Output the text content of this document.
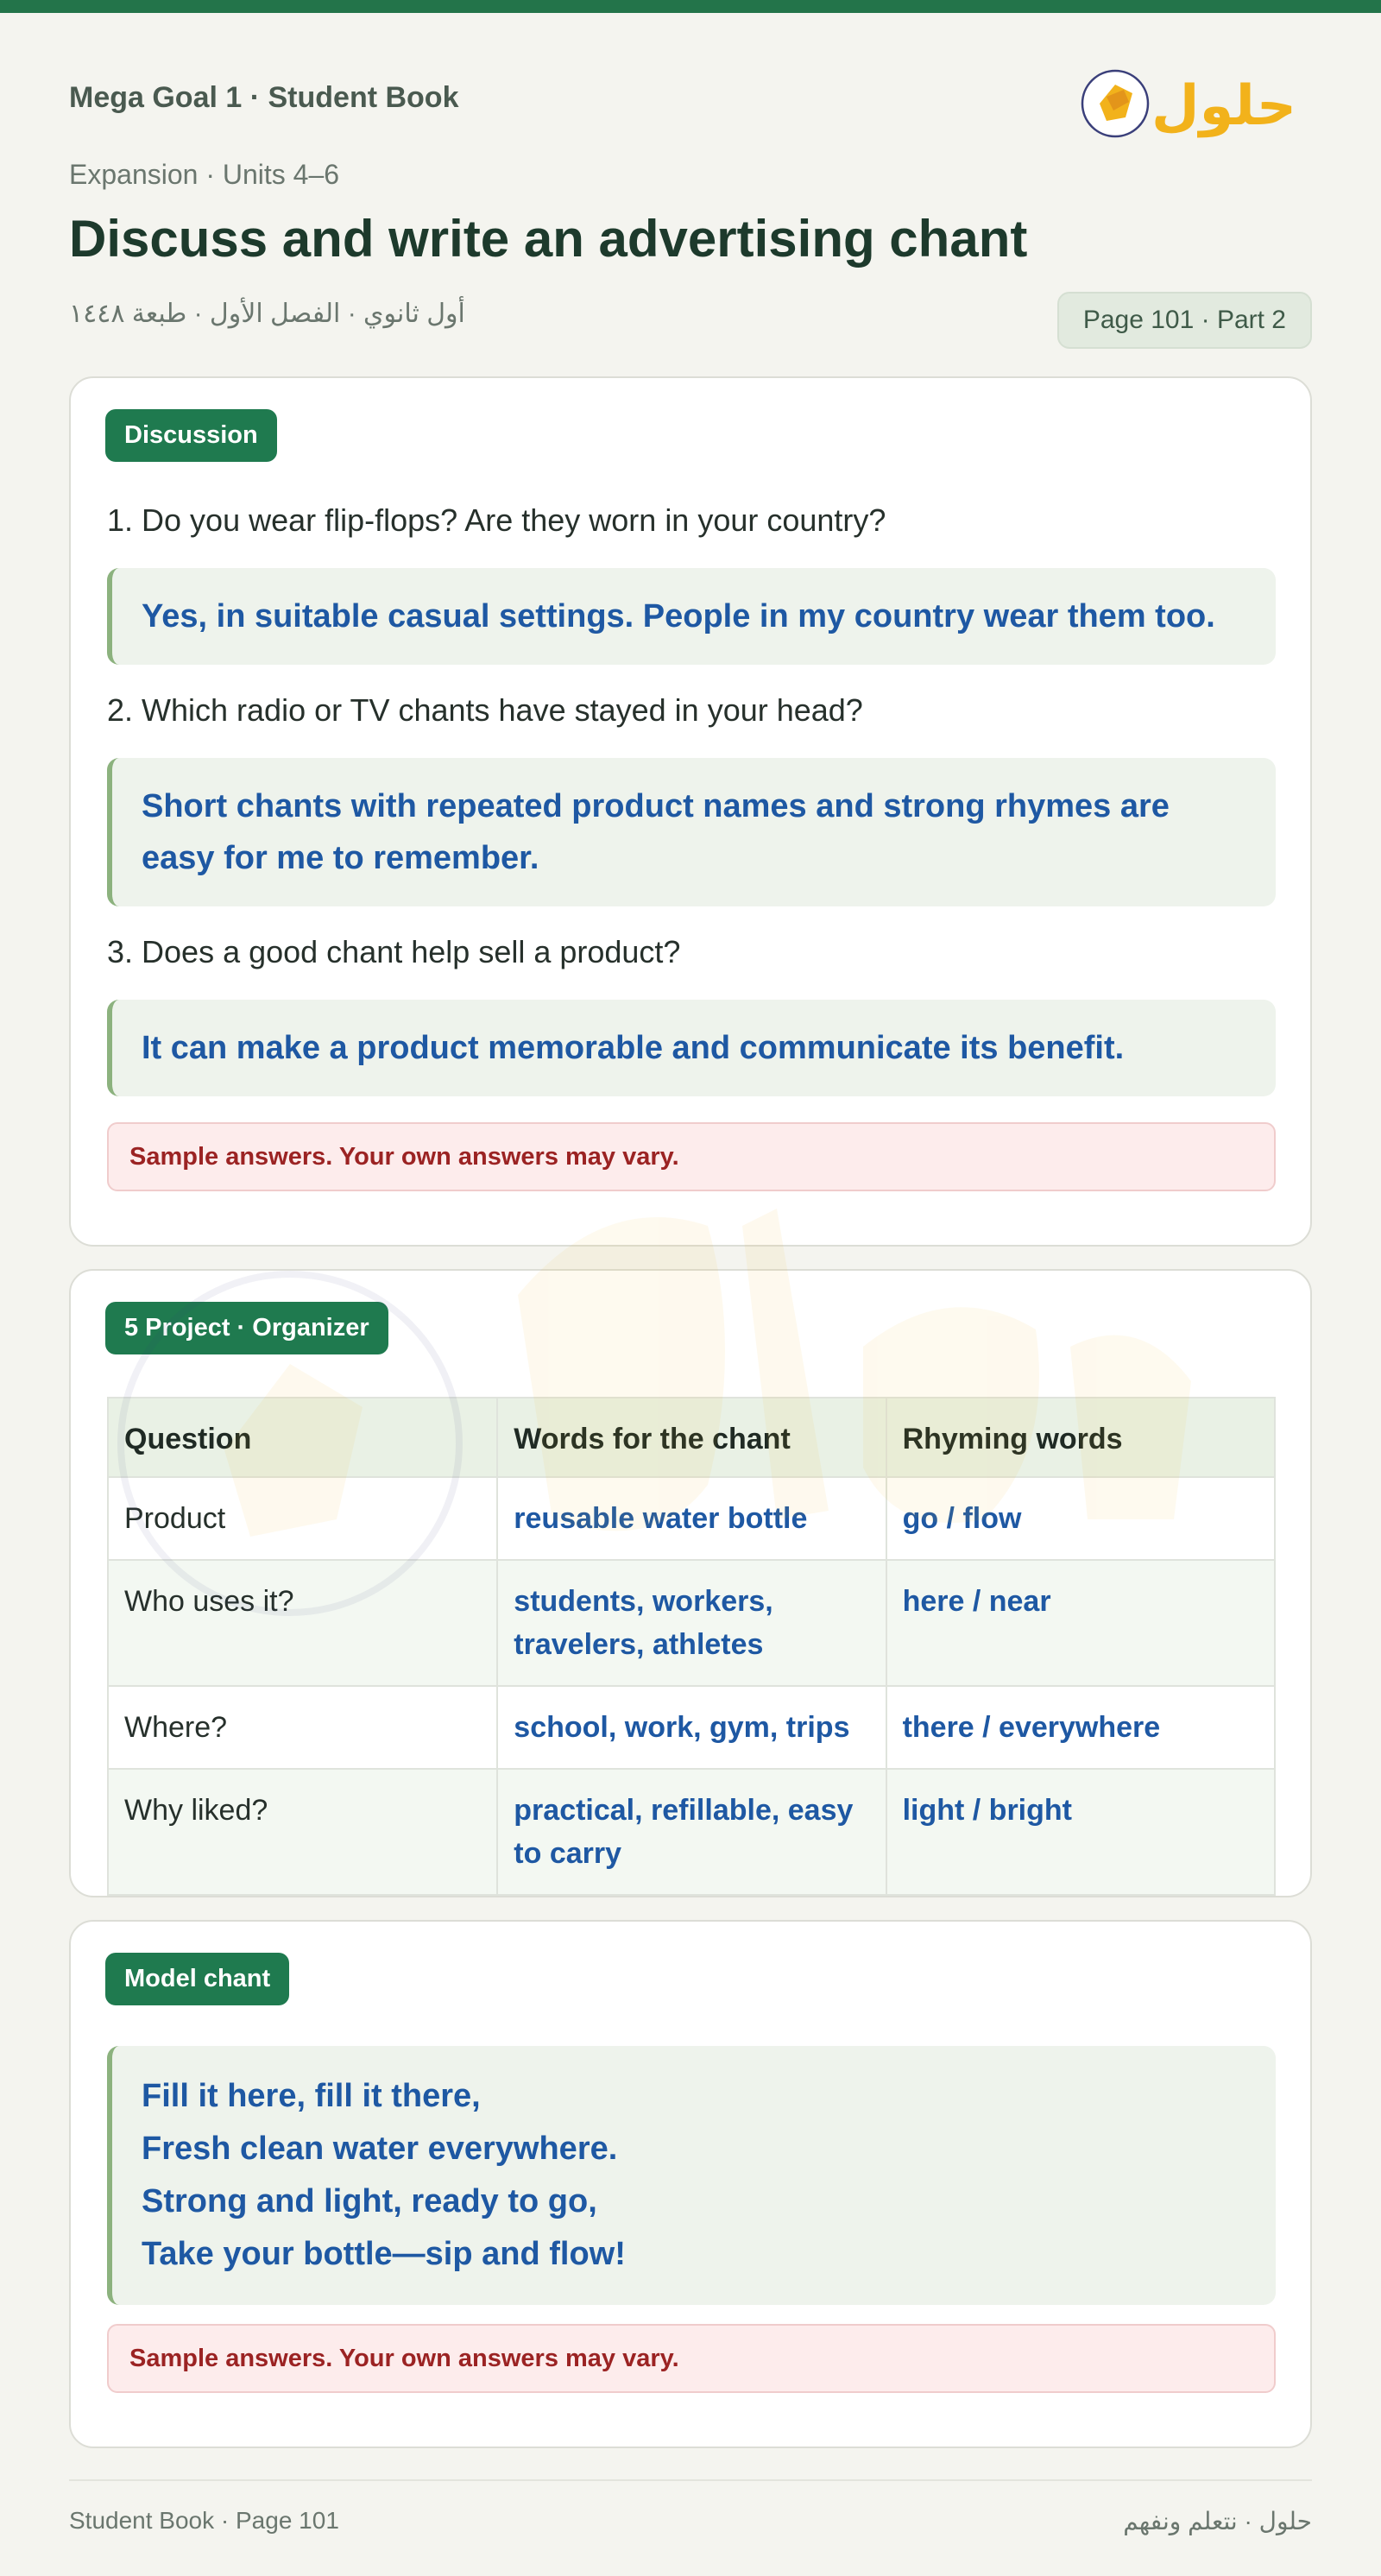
Mega Goal 1 · Student Book	حلول
Expansion · Units 4–6
Discuss and write an advertising chant
أول ثانوي · الفصل الأول · طبعة ١٤٤٨	Page 101 · Part 2
Discussion
1. Do you wear flip-flops? Are they worn in your country?
Yes, in suitable casual settings. People in my country wear them too.
2. Which radio or TV chants have stayed in your head?
Short chants with repeated product names and strong rhymes are easy for me to remember.
3. Does a good chant help sell a product?
It can make a product memorable and communicate its benefit.
Sample answers. Your own answers may vary.
5 Project · Organizer
Question	Words for the chant	Rhyming words
Product	reusable water bottle	go / flow
Who uses it?	students, workers, travelers, athletes	here / near
Where?	school, work, gym, trips	there / everywhere
Why liked?	practical, refillable, easy to carry	light / bright
Model chant
Fill it here, fill it there,
Fresh clean water everywhere.
Strong and light, ready to go,
Take your bottle—sip and flow!
Sample answers. Your own answers may vary.
Student Book · Page 101	حلول · نتعلم ونفهم
